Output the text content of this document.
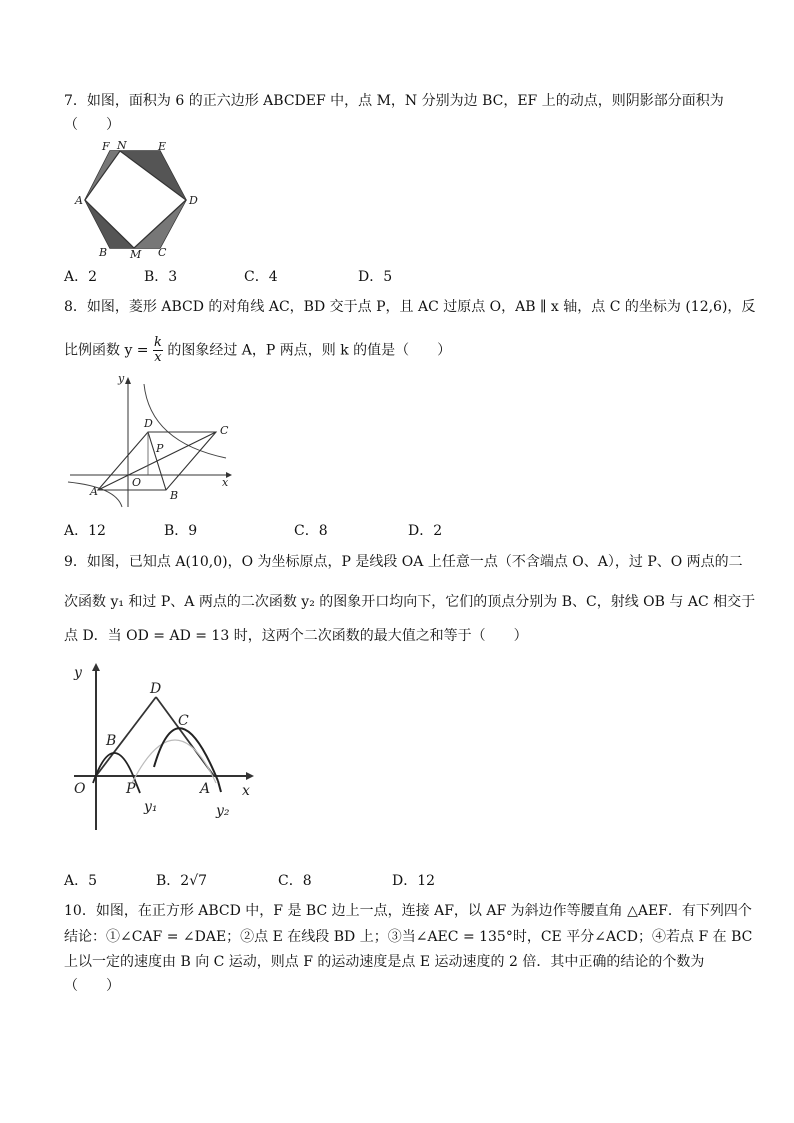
7．如图，面积为 6 的正六边形 ABCDEF 中，点 M，N 分别为边 BC，EF 上的动点，则阴影部分面积为
（　　）
F N	E
A	D
B M C
A．2	B．3	C．4	D．5
8．如图，菱形 ABCD 的对角线 AC，BD 交于点 P，且 AC 过原点 O，AB ∥ x 轴，点 C 的坐标为 (12,6)，反
比例函数 $y = \frac{k}{x}$ 的图象经过 A，P 两点，则 k 的值是（　　）
y
D
C
P
O
A	B
x
A．12	B．9	C．8	D．2
9．如图，已知点 A(10,0)，O 为坐标原点，P 是线段 OA 上任意一点（不含端点 O、A），过 P、O 两点的二
次函数 y₁ 和过 P、A 两点的二次函数 y₂ 的图象开口均向下，它们的顶点分别为 B、C，射线 OB 与 AC 相交于
点 D．当 OD = AD = 13 时，这两个二次函数的最大值之和等于（　　）
y
D
C
B
O	P	A x
y₁	y₂
A．5	B．2√7	C．8	D．12
10．如图，在正方形 ABCD 中，F 是 BC 边上一点，连接 AF，以 AF 为斜边作等腰直角 △AEF．有下列四个
结论：①∠CAF = ∠DAE；②点 E 在线段 BD 上；③当∠AEC = 135°时，CE 平分∠ACD；④若点 F 在 BC
上以一定的速度由 B 向 C 运动，则点 F 的运动速度是点 E 运动速度的 2 倍．其中正确的结论的个数为
（　　）
